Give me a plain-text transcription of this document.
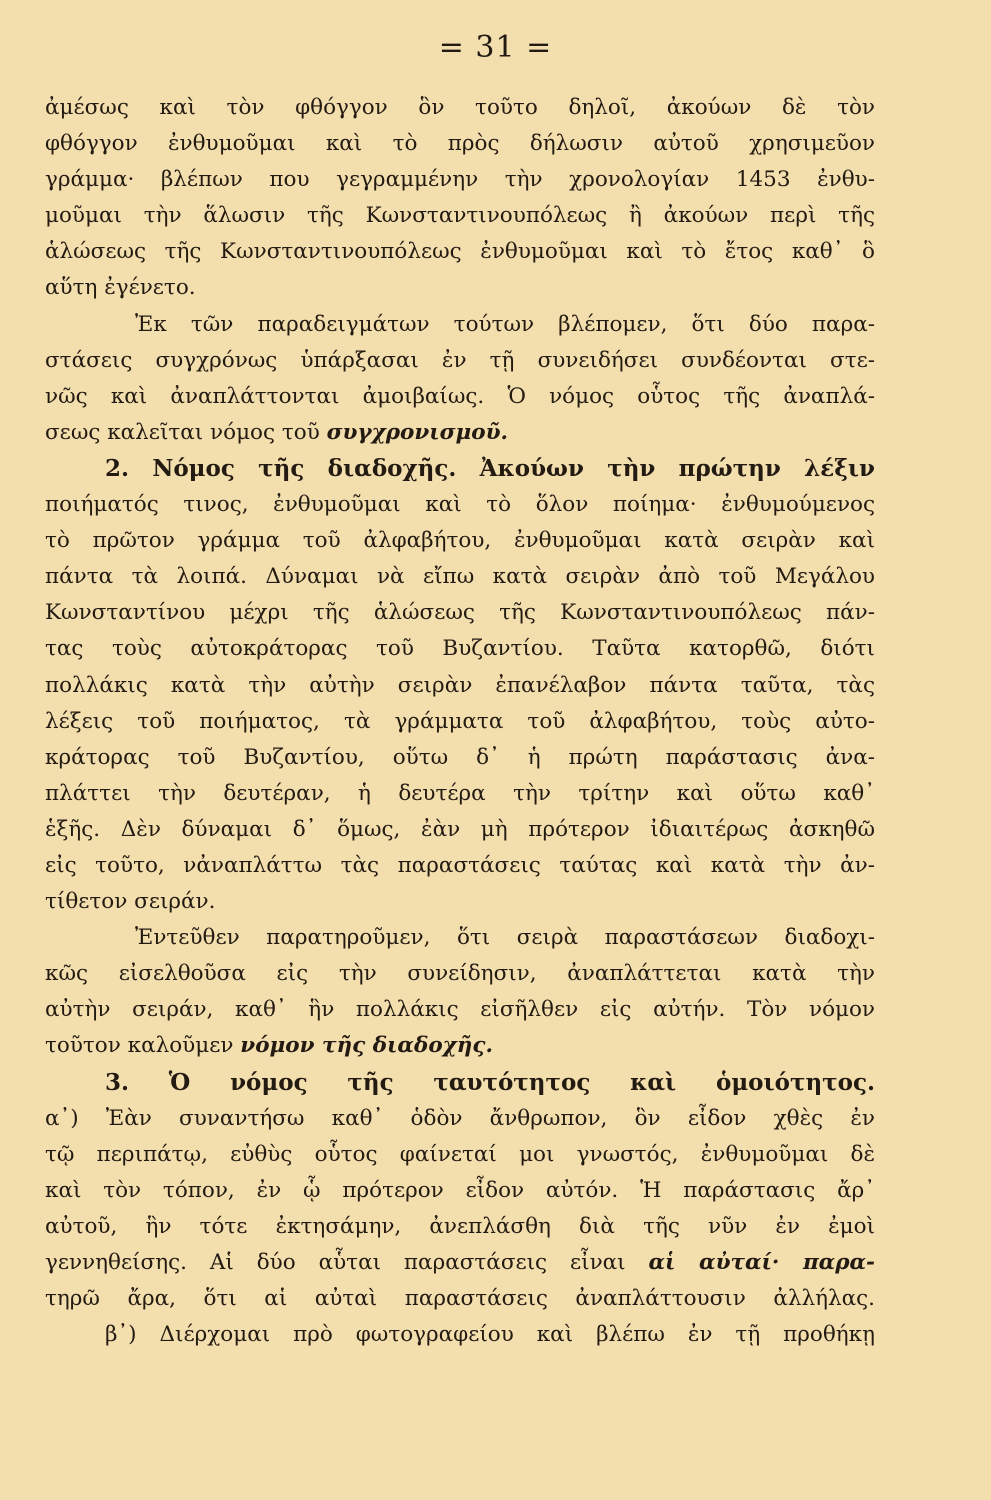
= 31 =
ἀμέσως καὶ τὸν φθόγγον ὃν τοῦτο δηλοῖ, ἀκούων δὲ τὸν
φθόγγον ἐνθυμοῦμαι καὶ τὸ πρὸς δήλωσιν αὐτοῦ χρησιμεῦον
γράμμα· βλέπων που γεγραμμένην τὴν χρονολογίαν 1453 ἐνθυ-
μοῦμαι τὴν ἅλωσιν τῆς Κωνσταντινουπόλεως ἢ ἀκούων περὶ τῆς
ἁλώσεως τῆς Κωνσταντινουπόλεως ἐνθυμοῦμαι καὶ τὸ ἔτος καθ᾽ ὃ
αὕτη ἐγένετο.
Ἐκ τῶν παραδειγμάτων τούτων βλέπομεν, ὅτι δύο παρα-
στάσεις συγχρόνως ὑπάρξασαι ἐν τῇ συνειδήσει συνδέονται στε-
νῶς καὶ ἀναπλάττονται ἀμοιβαίως. Ὁ νόμος οὗτος τῆς ἀναπλά-
σεως καλεῖται νόμος τοῦ συγχρονισμοῦ.
2. Νόμος τῆς διαδοχῆς. Ἀκούων τὴν πρώτην λέξιν
ποιήματός τινος, ἐνθυμοῦμαι καὶ τὸ ὅλον ποίημα· ἐνθυμούμενος
τὸ πρῶτον γράμμα τοῦ ἀλφαβήτου, ἐνθυμοῦμαι κατὰ σειρὰν καὶ
πάντα τὰ λοιπά. Δύναμαι νὰ εἴπω κατὰ σειρὰν ἀπὸ τοῦ Μεγάλου
Κωνσταντίνου μέχρι τῆς ἁλώσεως τῆς Κωνσταντινουπόλεως πάν-
τας τοὺς αὐτοκράτορας τοῦ Βυζαντίου. Ταῦτα κατορθῶ, διότι
πολλάκις κατὰ τὴν αὐτὴν σειρὰν ἐπανέλαβον πάντα ταῦτα, τὰς
λέξεις τοῦ ποιήματος, τὰ γράμματα τοῦ ἀλφαβήτου, τοὺς αὐτο-
κράτορας τοῦ Βυζαντίου, οὕτω δ᾽ ἡ πρώτη παράστασις ἀνα-
πλάττει τὴν δευτέραν, ἡ δευτέρα τὴν τρίτην καὶ οὕτω καθ᾽
ἑξῆς. Δὲν δύναμαι δ᾽ ὅμως, ἐὰν μὴ πρότερον ἰδιαιτέρως ἀσκηθῶ
εἰς τοῦτο, νἀναπλάττω τὰς παραστάσεις ταύτας καὶ κατὰ τὴν ἀν-
τίθετον σειράν.
Ἐντεῦθεν παρατηροῦμεν, ὅτι σειρὰ παραστάσεων διαδοχι-
κῶς εἰσελθοῦσα εἰς τὴν συνείδησιν, ἀναπλάττεται κατὰ τὴν
αὐτὴν σειράν, καθ᾽ ἣν πολλάκις εἰσῆλθεν εἰς αὐτήν. Τὸν νόμον
τοῦτον καλοῦμεν νόμον τῆς διαδοχῆς.
3. Ὁ νόμος τῆς ταυτότητος καὶ ὁμοιότητος.
α᾽) Ἐὰν συναντήσω καθ᾽ ὁδὸν ἄνθρωπον, ὃν εἶδον χθὲς ἐν
τῷ περιπάτῳ, εὐθὺς οὗτος φαίνεταί μοι γνωστός, ἐνθυμοῦμαι δὲ
καὶ τὸν τόπον, ἐν ᾧ πρότερον εἶδον αὐτόν. Ἡ παράστασις ἄρ᾽
αὐτοῦ, ἣν τότε ἐκτησάμην, ἀνεπλάσθη διὰ τῆς νῦν ἐν ἐμοὶ
γεννηθείσης. Αἱ δύο αὗται παραστάσεις εἶναι αἱ αὐταί· παρα-
τηρῶ ἄρα, ὅτι αἱ αὐταὶ παραστάσεις ἀναπλάττουσιν ἀλλήλας.
β᾽) Διέρχομαι πρὸ φωτογραφείου καὶ βλέπω ἐν τῇ προθήκῃ
